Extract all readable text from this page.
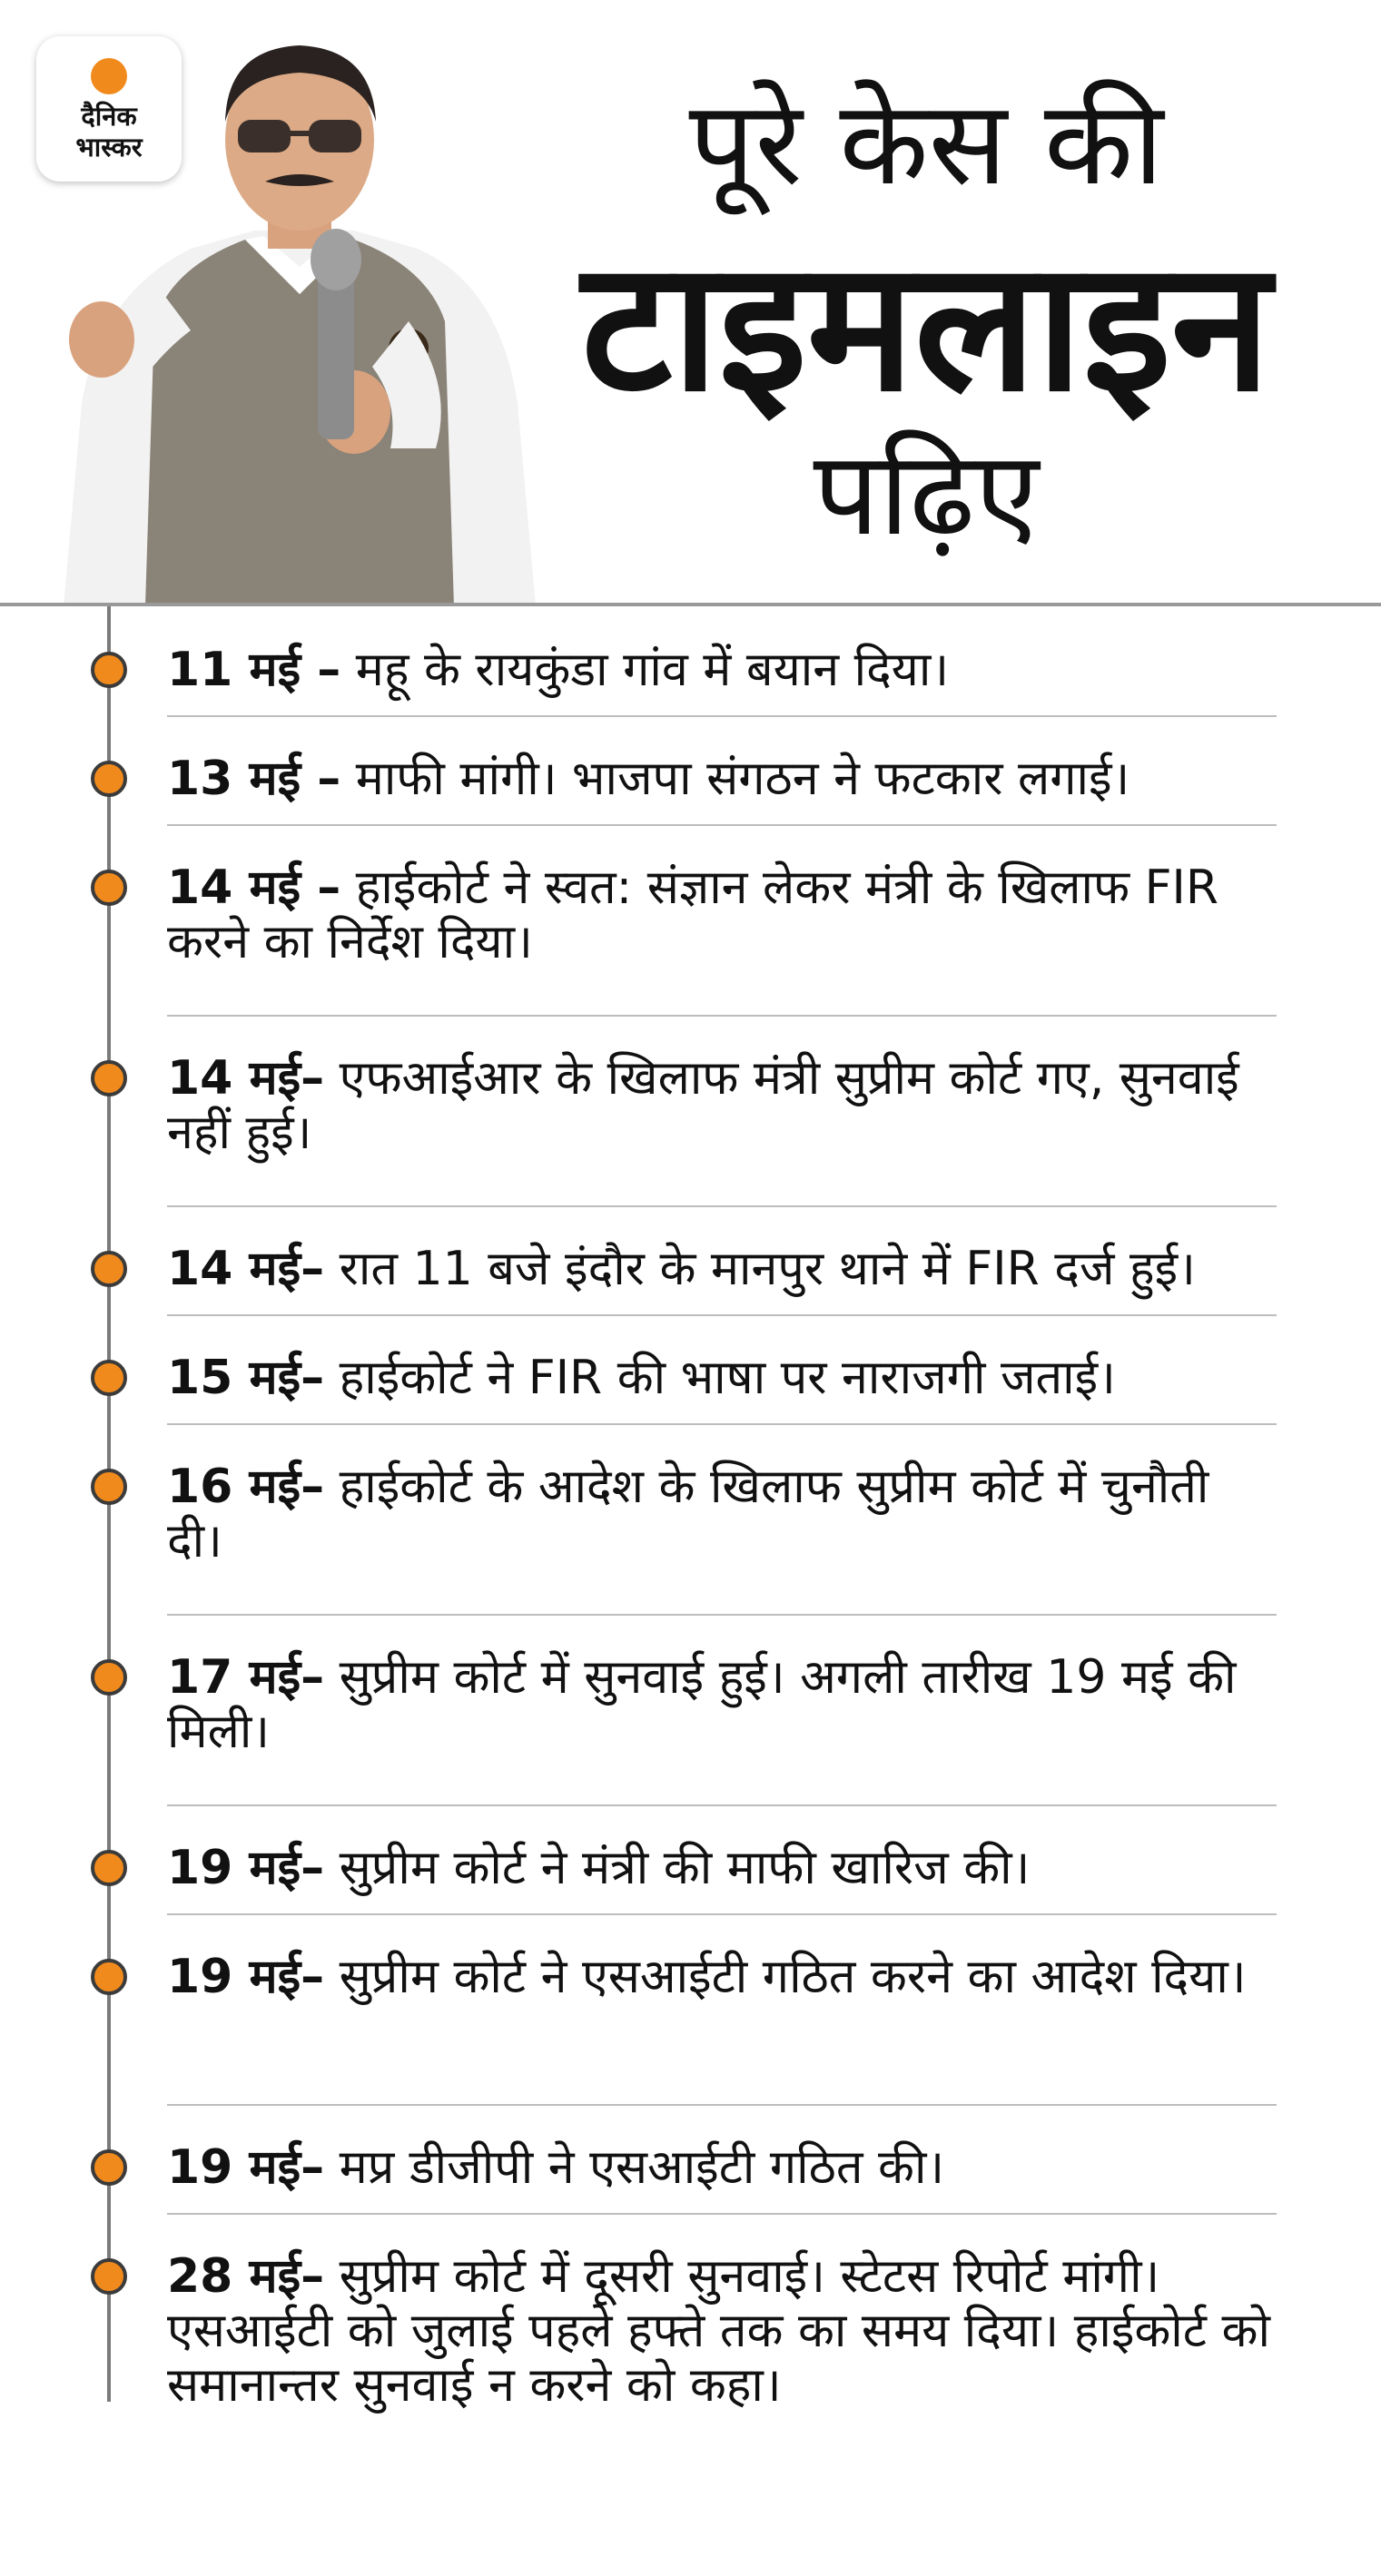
दैनिक
भास्कर	पूरे केस की
टाइमलाइन
पढ़िए

11 मई – महू के रायकुंडा गांव में बयान दिया।

13 मई – माफी मांगी। भाजपा संगठन ने फटकार लगाई।

14 मई – हाईकोर्ट ने स्वत: संज्ञान लेकर मंत्री के खिलाफ FIR करने का निर्देश दिया।

14 मई– एफआईआर के खिलाफ मंत्री सुप्रीम कोर्ट गए, सुनवाई नहीं हुई।

14 मई– रात 11 बजे इंदौर के मानपुर थाने में FIR दर्ज हुई।

15 मई– हाईकोर्ट ने FIR की भाषा पर नाराजगी जताई।

16 मई– हाईकोर्ट के आदेश के खिलाफ सुप्रीम कोर्ट में चुनौती दी।

17 मई– सुप्रीम कोर्ट में सुनवाई हुई। अगली तारीख 19 मई की मिली।

19 मई– सुप्रीम कोर्ट ने मंत्री की माफी खारिज की।

19 मई– सुप्रीम कोर्ट ने एसआईटी गठित करने का आदेश दिया।

19 मई– मप्र डीजीपी ने एसआईटी गठित की।

28 मई– सुप्रीम कोर्ट में दूसरी सुनवाई। स्टेटस रिपोर्ट मांगी। एसआईटी को जुलाई पहले हफ्ते तक का समय दिया। हाईकोर्ट को समानान्तर सुनवाई न करने को कहा।
